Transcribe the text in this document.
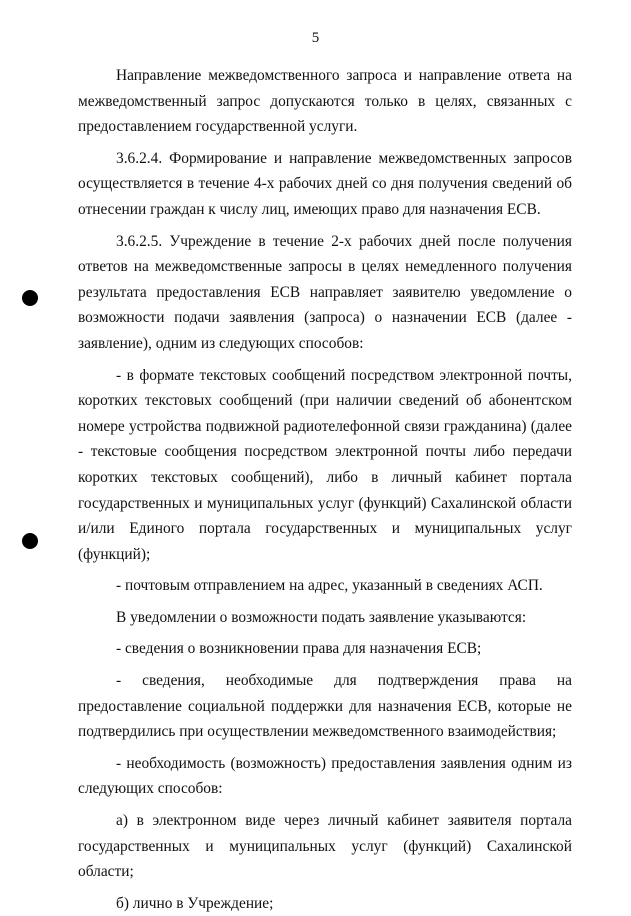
5

Направление межведомственного запроса и направление ответа на межведомственный запрос допускаются только в целях, связанных с предоставлением государственной услуги.

3.6.2.4. Формирование и направление межведомственных запросов осуществляется в течение 4-х рабочих дней со дня получения сведений об отнесении граждан к числу лиц, имеющих право для назначения ЕСВ.

3.6.2.5. Учреждение в течение 2-х рабочих дней после получения ответов на межведомственные запросы в целях немедленного получения результата предоставления ЕСВ направляет заявителю уведомление о возможности подачи заявления (запроса) о назначении ЕСВ (далее - заявление), одним из следующих способов:

- в формате текстовых сообщений посредством электронной почты, коротких текстовых сообщений (при наличии сведений об абонентском номере устройства подвижной радиотелефонной связи гражданина) (далее - текстовые сообщения посредством электронной почты либо передачи коротких текстовых сообщений), либо в личный кабинет портала государственных и муниципальных услуг (функций) Сахалинской области и/или Единого портала государственных и муниципальных услуг (функций);

- почтовым отправлением на адрес, указанный в сведениях АСП.

В уведомлении о возможности подать заявление указываются:

- сведения о возникновении права для назначения ЕСВ;

- сведения, необходимые для подтверждения права на предоставление социальной поддержки для назначения ЕСВ, которые не подтвердились при осуществлении межведомственного взаимодействия;

- необходимость (возможность) предоставления заявления одним из следующих способов:

а) в электронном виде через личный кабинет заявителя портала государственных и муниципальных услуг (функций) Сахалинской области;

б) лично в Учреждение;
